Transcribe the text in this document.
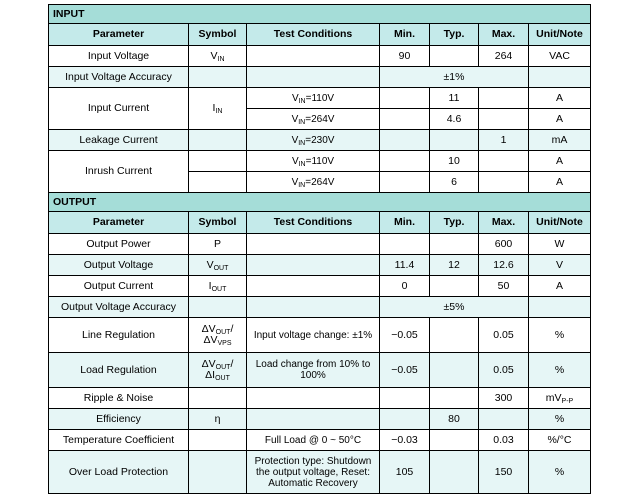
INPUT						
Parameter	Symbol	Test Conditions	Min.	Typ.	Max.	Unit/Note
Input Voltage	$V_{IN}$		90		264	VAC
Input Voltage Accuracy			±1%			
Input Current	$I_{IN}$	$V_{IN}=110V$		11		A
		$V_{IN}=264V$		4.6		A
Leakage Current		$V_{IN}=230V$			1	mA
Inrush Current		$V_{IN}=110V$		10		A
		$V_{IN}=264V$		6		A
OUTPUT						
Parameter	Symbol	Test Conditions	Min.	Typ.	Max.	Unit/Note
Output Power	P				600	W
Output Voltage	$V_{OUT}$		11.4	12	12.6	V
Output Current	$I_{OUT}$		0		50	A
Output Voltage Accuracy			±5%			
Line Regulation	$\Delta V_{OUT}/\Delta V_{VPS}$	Input voltage change: ±1%	−0.05		0.05	%
Load Regulation	$\Delta V_{OUT}/\Delta I_{OUT}$	Load change from 10% to 100%	−0.05		0.05	%
Ripple & Noise					300	$mV_{P-P}$
Efficiency	η			80		%
Temperature Coefficient		Full Load @ 0 ~ 50°C	−0.03		0.03	%/°C
Over Load Protection		Protection type: Shutdown the output voltage, Reset: Automatic Recovery	105		150	%
